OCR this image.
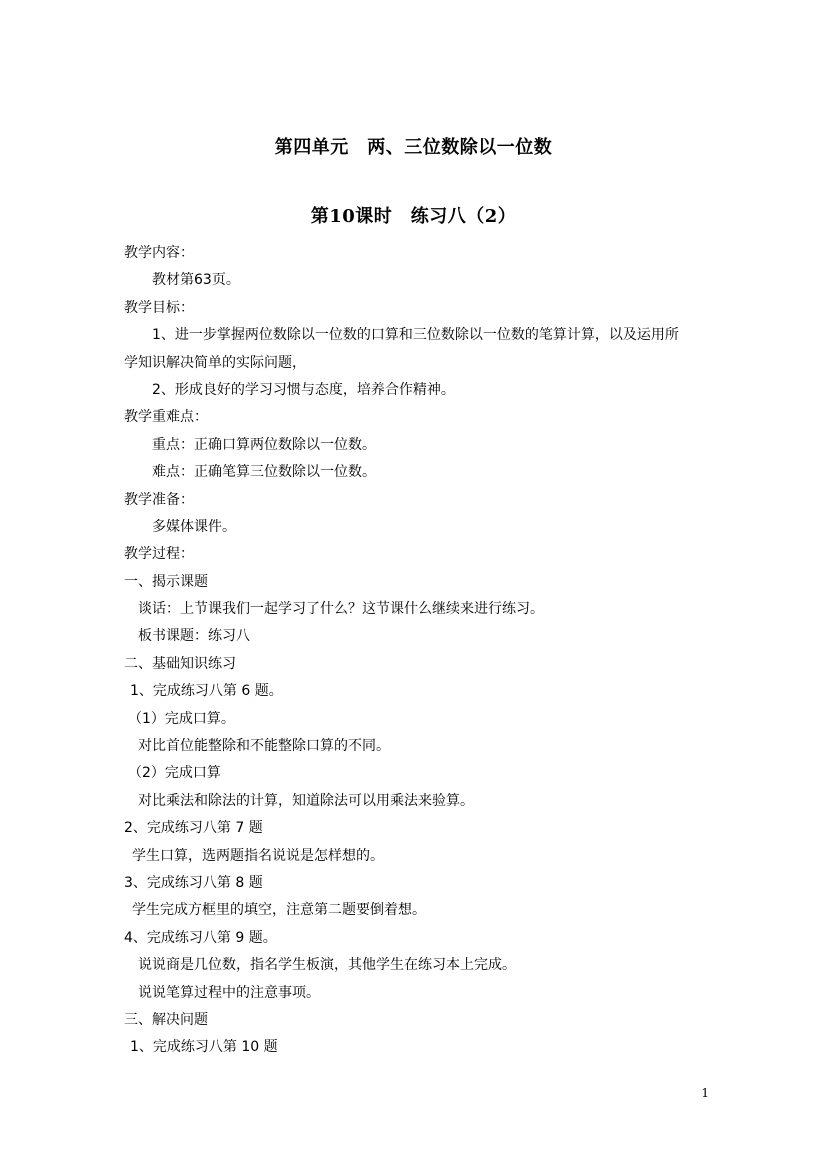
第四单元　两、三位数除以一位数
第10课时　练习八（2）
教学内容：
教材第63页。
教学目标：
1、进一步掌握两位数除以一位数的口算和三位数除以一位数的笔算计算，以及运用所
学知识解决简单的实际问题，
2、形成良好的学习习惯与态度，培养合作精神。
教学重难点：
重点：正确口算两位数除以一位数。
难点：正确笔算三位数除以一位数。
教学准备：
多媒体课件。
教学过程：
一、揭示课题
谈话：上节课我们一起学习了什么？这节课什么继续来进行练习。
板书课题：练习八
二、基础知识练习
1、完成练习八第 6 题。
（1）完成口算。
对比首位能整除和不能整除口算的不同。
（2）完成口算
对比乘法和除法的计算，知道除法可以用乘法来验算。
2、完成练习八第 7 题
学生口算，选两题指名说说是怎样想的。
3、完成练习八第 8 题
学生完成方框里的填空，注意第二题要倒着想。
4、完成练习八第 9 题。
说说商是几位数，指名学生板演，其他学生在练习本上完成。
说说笔算过程中的注意事项。
三、解决问题
1、完成练习八第 10 题
1
